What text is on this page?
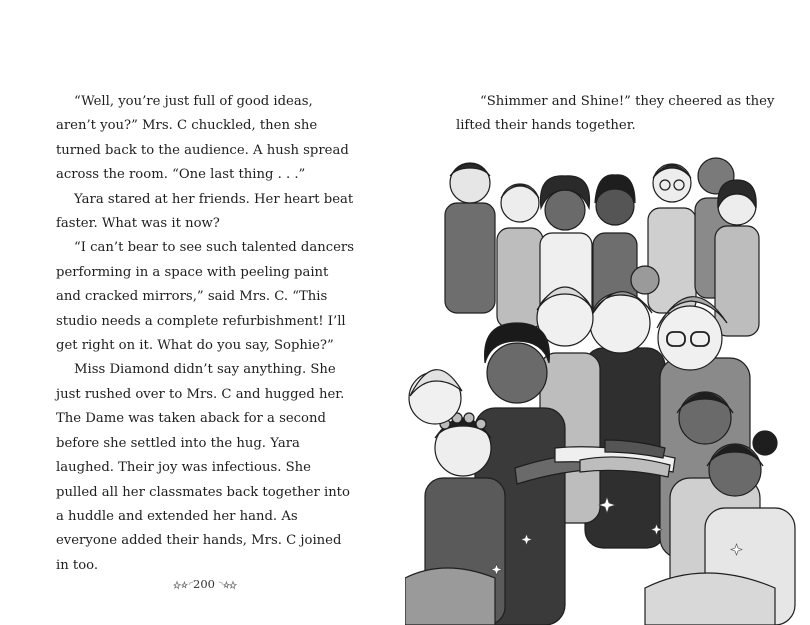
“Well, you’re just full of good ideas, aren’t you?” Mrs. C chuckled, then she turned back to the audience. A hush spread across the room. “One last thing . . .”

Yara stared at her friends. Her heart beat faster. What was it now?

“I can’t bear to see such talented dancers performing in a space with peeling paint and cracked mirrors,” said Mrs. C. “This studio needs a complete refurbishment! I’ll get right on it. What do you say, Sophie?”

Miss Diamond didn’t say anything. She just rushed over to Mrs. C and hugged her. The Dame was taken aback for a second before she settled into the hug. Yara laughed. Their joy was infectious. She pulled all her classmates back together into a huddle and extended her hand. As everyone added their hands, Mrs. C joined in too.

200

“Shimmer and Shine!” they cheered as they lifted their hands together.
